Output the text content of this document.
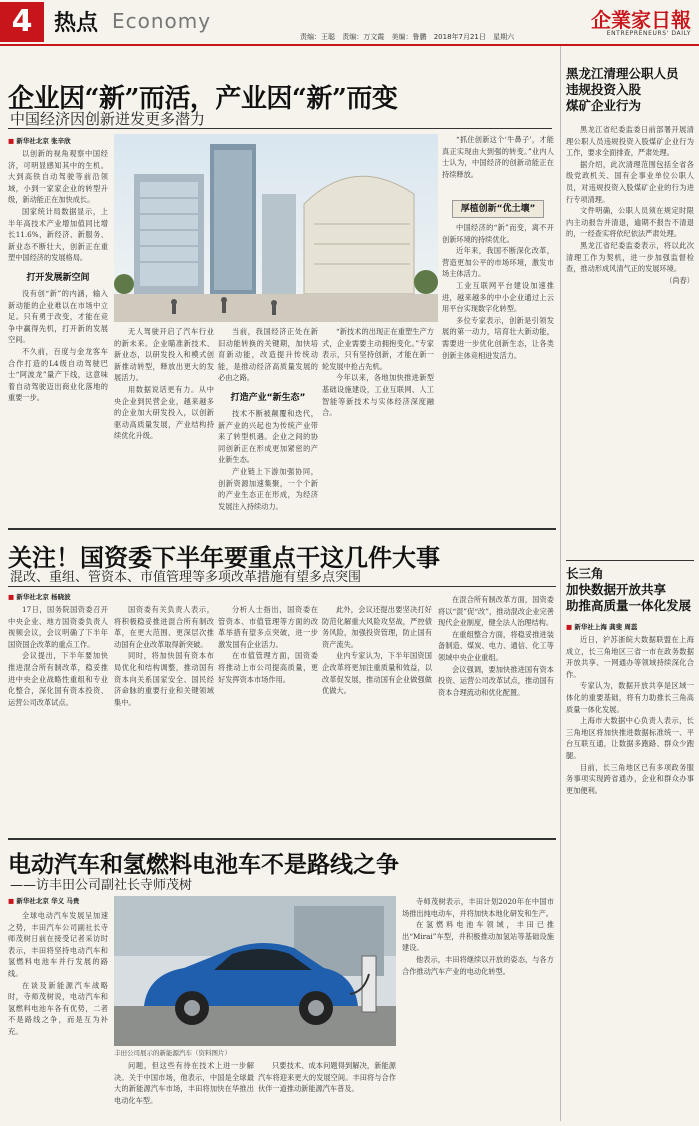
4 热点 Economy
责编：王聪 责编：万文霞 美编：鲁鹏 2018年7月21日 星期六
企業家日報
ENTREPRENEURS' DAILY
企业因“新”而活，产业因“新”而变
中国经济因创新迸发更多潜力
■ 新华社北京 张辛欣

以创新的视角观察中国经济，可明显感知其中的生机。大到高铁自动驾驶等前沿领域，小到一家家企业的转型升级，新动能正在加快成长。

国家统计局数据显示，上半年高技术产业增加值同比增长11.6%，新经济、新服务、新业态不断壮大，创新正在重塑中国经济的发展格局。

打开发展新空间

没有创“新”的内涵，输入新动能的企业难以在市场中立足。只有勇于改变，才能在竞争中赢得先机，打开新的发展空间。

不久前，百度与金龙客车合作打造的L4级自动驾驶巴士“阿波龙”量产下线，这意味着自动驾驶迈出商业化落地的重要一步。

无人驾驶开启了汽车行业的新未来。企业瞄准新技术、新业态，以研发投入和模式创新推动转型，释放出更大的发展活力。

用数据说话更有力。从中央企业到民营企业，越来越多的企业加大研发投入，以创新驱动高质量发展，产业结构持续优化升级。

当前，我国经济正处在新旧动能转换的关键期，加快培育新动能，改造提升传统动能，是推动经济高质量发展的必由之路。

打造产业“新生态”

技术不断被颠覆和迭代，新产业的兴起也为传统产业带来了转型机遇。企业之间的协同创新正在形成更加紧密的产业新生态。

产业链上下游加强协同，创新资源加速集聚，一个个新的产业生态正在形成，为经济发展注入持续动力。

“新技术的出现正在重塑生产方式，企业需要主动拥抱变化。”专家表示，只有坚持创新，才能在新一轮发展中抢占先机。

今年以来，各地加快推进新型基础设施建设，工业互联网、人工智能等新技术与实体经济深度融合。

“抓住创新这个‘牛鼻子’，才能真正实现由大到强的转变。”业内人士认为，中国经济的创新动能正在持续释放。

厚植创新“优土壤”

中国经济的“新”而变，离不开创新环境的持续优化。

近年来，我国不断深化改革，营造更加公平的市场环境，激发市场主体活力。

工业互联网平台建设加速推进，越来越多的中小企业通过上云用平台实现数字化转型。

多位专家表示，创新是引领发展的第一动力，培育壮大新动能，需要进一步优化创新生态，让各类创新主体竞相迸发活力。

黑龙江清理公职人员
违规投资入股
煤矿企业行为

黑龙江省纪委监委日前部署开展清理公职人员违规投资入股煤矿企业行为工作，要求全面排查，严肃处理。

据介绍，此次清理范围包括全省各级党政机关、国有企事业单位公职人员，对违规投资入股煤矿企业的行为进行专项清理。

文件明确，公职人员须在规定时限内主动报告并清退，逾期不报告不清退的，一经查实将依纪依法严肃处理。

黑龙江省纪委监委表示，将以此次清理工作为契机，进一步加强监督检查，推动形成风清气正的发展环境。

（尚春）

长三角
加快数据开放共享
助推高质量一体化发展
■ 新华社上海 龚斐 周蕊

近日，沪苏浙皖大数据联盟在上海成立，长三角地区三省一市在政务数据开放共享、一网通办等领域持续深化合作。

专家认为，数据开放共享是区域一体化的重要基础，将有力助推长三角高质量一体化发展。

上海市大数据中心负责人表示，长三角地区将加快推进数据标准统一、平台互联互通，让数据多跑路、群众少跑腿。

目前，长三角地区已有多项政务服务事项实现跨省通办，企业和群众办事更加便利。

关注！国资委下半年要重点干这几件大事
混改、重组、管资本、市值管理等多项改革措施有望多点突围
■ 新华社北京 杨晓波

17日，国务院国资委召开中央企业、地方国资委负责人视频会议，会议明确了下半年国资国企改革的重点工作。

会议提出，下半年要加快推进混合所有制改革，稳妥推进中央企业战略性重组和专业化整合，深化国有资本投资、运营公司改革试点。

国资委有关负责人表示，将积极稳妥推进混合所有制改革，在更大范围、更深层次推动国有企业改革取得新突破。

同时，将加快国有资本布局优化和结构调整，推动国有资本向关系国家安全、国民经济命脉的重要行业和关键领域集中。

分析人士指出，国资委在管资本、市值管理等方面的改革举措有望多点突破，进一步激发国有企业活力。

在市值管理方面，国资委将推动上市公司提高质量，更好发挥资本市场作用。

此外，会议还提出要坚决打好防范化解重大风险攻坚战，严控债务风险，加强投资管理，防止国有资产流失。

业内专家认为，下半年国资国企改革将更加注重质量和效益，以改革促发展，推动国有企业做强做优做大。

在混合所有制改革方面，国资委将以“混”促“改”，推动混改企业完善现代企业制度，健全法人治理结构。

在重组整合方面，将稳妥推进装备制造、煤炭、电力、通信、化工等领域中央企业重组。

会议强调，要加快推进国有资本投资、运营公司改革试点，推动国有资本合理流动和优化配置。

电动汽车和氢燃料电池车不是路线之争
——访丰田公司副社长寺师茂树
■ 新华社北京 华义 马贵

全球电动汽车发展呈加速之势，丰田汽车公司副社长寺师茂树日前在接受记者采访时表示，丰田将坚持电动汽车和氢燃料电池车并行发展的路线。

在谈及新能源汽车战略时，寺师茂树说，电动汽车和氢燃料电池车各有优势，二者不是路线之争，而是互为补充。

丰田公司展示的新能源汽车（资料图片）

问题，但这些有待在技术上进一步解决。关于中国市场，他表示，中国是全球最大的新能源汽车市场，丰田将加快在华推出电动化车型。

只要技术、成本问题得到解决，新能源汽车将迎来更大的发展空间。丰田将与合作伙伴一道推动新能源汽车普及。

寺师茂树表示，丰田计划2020年在中国市场推出纯电动车，并将加快本地化研发和生产。

在氢燃料电池车领域，丰田已推出“Mirai”车型，并积极推动加氢站等基础设施建设。

他表示，丰田将继续以开放的姿态，与各方合作推动汽车产业的电动化转型。
